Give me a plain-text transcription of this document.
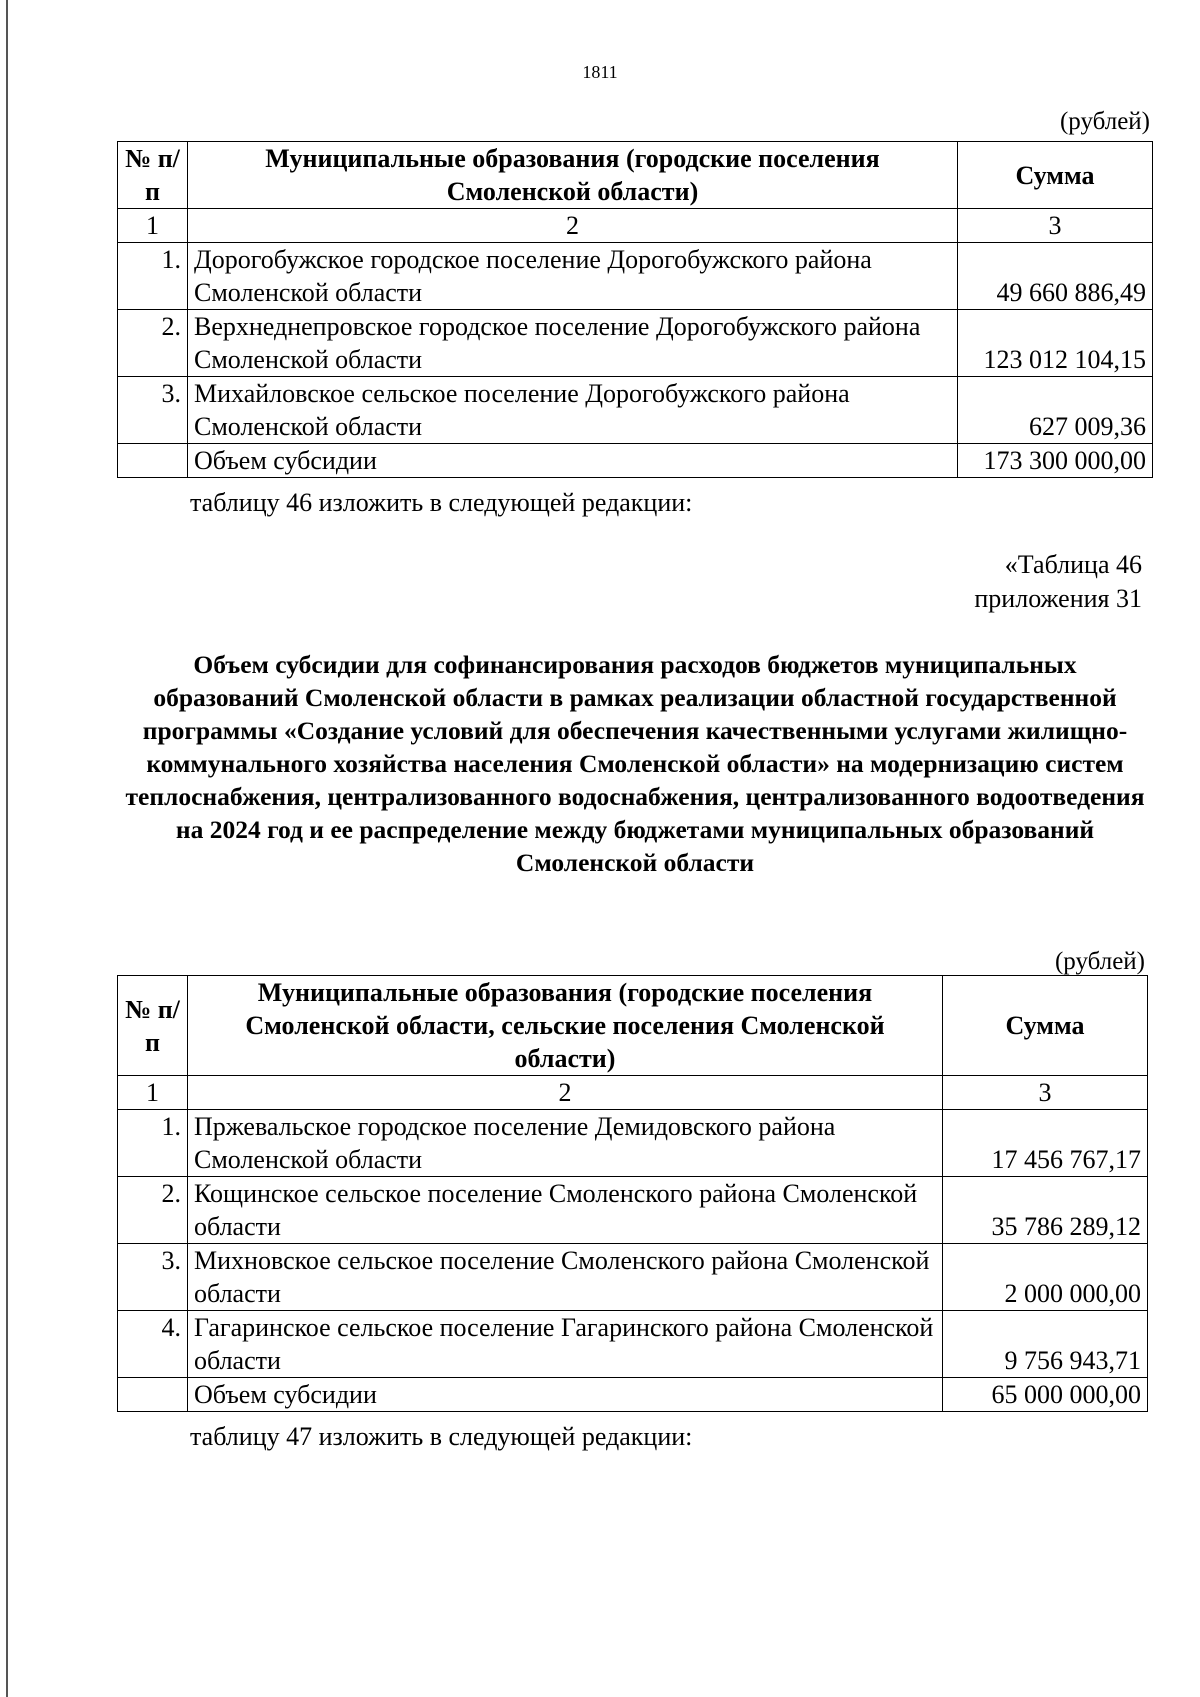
1811
(рублей)
№ п/п	Муниципальные образования (городские поселения Смоленской области)	Сумма
1	2	3
1.	Дорогобужское городское поселение Дорогобужского района Смоленской области	49 660 886,49
2.	Верхнеднепровское городское поселение Дорогобужского района Смоленской области	123 012 104,15
3.	Михайловское сельское поселение Дорогобужского района Смоленской области	627 009,36
	Объем субсидии	173 300 000,00
таблицу 46 изложить в следующей редакции:
«Таблица 46
приложения 31
Объем субсидии для софинансирования расходов бюджетов муниципальных образований Смоленской области в рамках реализации областной государственной программы «Создание условий для обеспечения качественными услугами жилищно-коммунального хозяйства населения Смоленской области» на модернизацию систем теплоснабжения, централизованного водоснабжения, централизованного водоотведения на 2024 год и ее распределение между бюджетами муниципальных образований Смоленской области
(рублей)
№ п/п	Муниципальные образования (городские поселения Смоленской области, сельские поселения Смоленской области)	Сумма
1	2	3
1.	Пржевальское городское поселение Демидовского района Смоленской области	17 456 767,17
2.	Кощинское сельское поселение Смоленского района Смоленской области	35 786 289,12
3.	Михновское сельское поселение Смоленского района Смоленской области	2 000 000,00
4.	Гагаринское сельское поселение Гагаринского района Смоленской области	9 756 943,71
	Объем субсидии	65 000 000,00
таблицу 47 изложить в следующей редакции:
